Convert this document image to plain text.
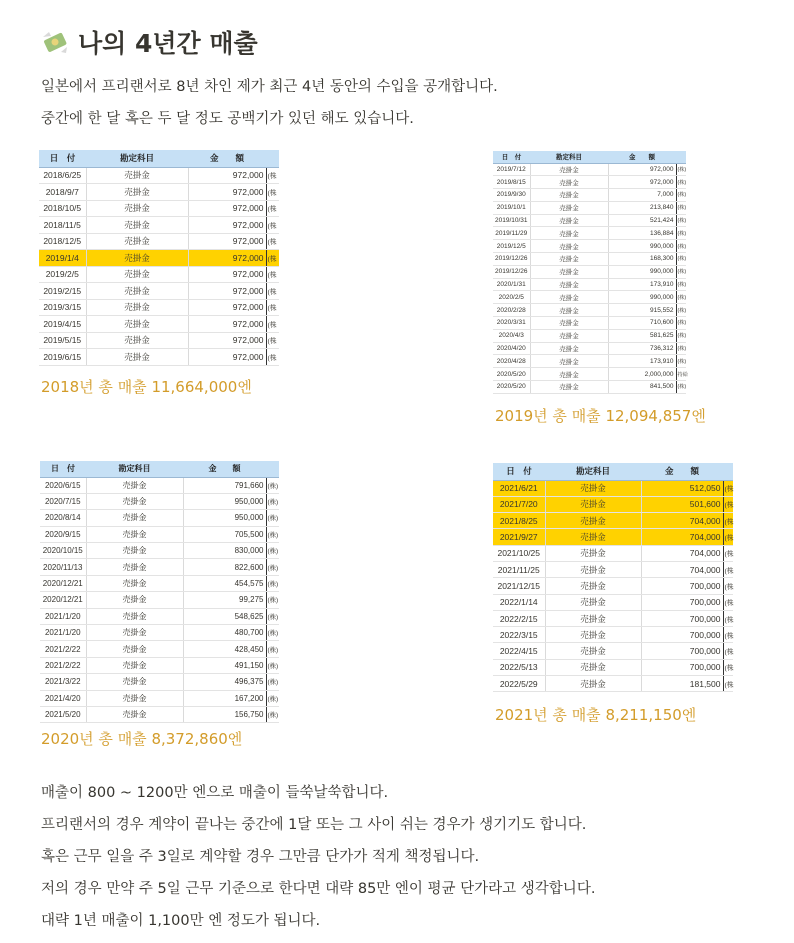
나의 4년간 매출
일본에서 프리랜서로 8년 차인 제가 최근 4년 동안의 수입을 공개합니다.
중간에 한 달 혹은 두 달 정도 공백기가 있던 해도 있습니다.
日　付	勘定科目	金　　額	
2018/6/25	売掛金	972,000	(株
2018/9/7	売掛金	972,000	(株
2018/10/5	売掛金	972,000	(株
2018/11/5	売掛金	972,000	(株
2018/12/5	売掛金	972,000	(株
2019/1/4	売掛金	972,000	(株
2019/2/5	売掛金	972,000	(株
2019/2/15	売掛金	972,000	(株
2019/3/15	売掛金	972,000	(株
2019/4/15	売掛金	972,000	(株
2019/5/15	売掛金	972,000	(株
2019/6/15	売掛金	972,000	(株
2018년 총 매출 11,664,000엔
日　付	勘定科目	金　　額	
2019/7/12	売掛金	972,000	(株)
2019/8/15	売掛金	972,000	(株)
2019/9/30	売掛金	7,000	(株)
2019/10/1	売掛金	213,840	(株)
2019/10/31	売掛金	521,424	(株)
2019/11/29	売掛金	136,884	(株)
2019/12/5	売掛金	990,000	(株)
2019/12/26	売掛金	168,300	(株)
2019/12/26	売掛金	990,000	(株)
2020/1/31	売掛金	173,910	(株)
2020/2/5	売掛金	990,000	(株)
2020/2/28	売掛金	915,552	(株)
2020/3/31	売掛金	710,600	(株)
2020/4/3	売掛金	581,625	(株)
2020/4/20	売掛金	736,312	(株)
2020/4/28	売掛金	173,910	(株)
2020/5/20	売掛金	2,000,000	持給
2020/5/20	売掛金	841,500	(株)
2019년 총 매출 12,094,857엔
日　付	勘定科目	金　　額	
2020/6/15	売掛金	791,660	(株)
2020/7/15	売掛金	950,000	(株)
2020/8/14	売掛金	950,000	(株)
2020/9/15	売掛金	705,500	(株)
2020/10/15	売掛金	830,000	(株)
2020/11/13	売掛金	822,600	(株)
2020/12/21	売掛金	454,575	(株)
2020/12/21	売掛金	99,275	(株)
2021/1/20	売掛金	548,625	(株)
2021/1/20	売掛金	480,700	(株)
2021/2/22	売掛金	428,450	(株)
2021/2/22	売掛金	491,150	(株)
2021/3/22	売掛金	496,375	(株)
2021/4/20	売掛金	167,200	(株)
2021/5/20	売掛金	156,750	(株)
2020년 총 매출 8,372,860엔
日　付	勘定科目	金　　額	
2021/6/21	売掛金	512,050	(株
2021/7/20	売掛金	501,600	(株
2021/8/25	売掛金	704,000	(株
2021/9/27	売掛金	704,000	(株
2021/10/25	売掛金	704,000	(株
2021/11/25	売掛金	704,000	(株
2021/12/15	売掛金	700,000	(株
2022/1/14	売掛金	700,000	(株
2022/2/15	売掛金	700,000	(株
2022/3/15	売掛金	700,000	(株
2022/4/15	売掛金	700,000	(株
2022/5/13	売掛金	700,000	(株
2022/5/29	売掛金	181,500	(株
2021년 총 매출 8,211,150엔
매출이 800 ~ 1200만 엔으로 매출이 들쑥날쑥합니다.
프리랜서의 경우 계약이 끝나는 중간에 1달 또는 그 사이 쉬는 경우가 생기기도 합니다.
혹은 근무 일을 주 3일로 계약할 경우 그만큼 단가가 적게 책정됩니다.
저의 경우 만약 주 5일 근무 기준으로 한다면 대략 85만 엔이 평균 단가라고 생각합니다.
대략 1년 매출이 1,100만 엔 정도가 됩니다.
